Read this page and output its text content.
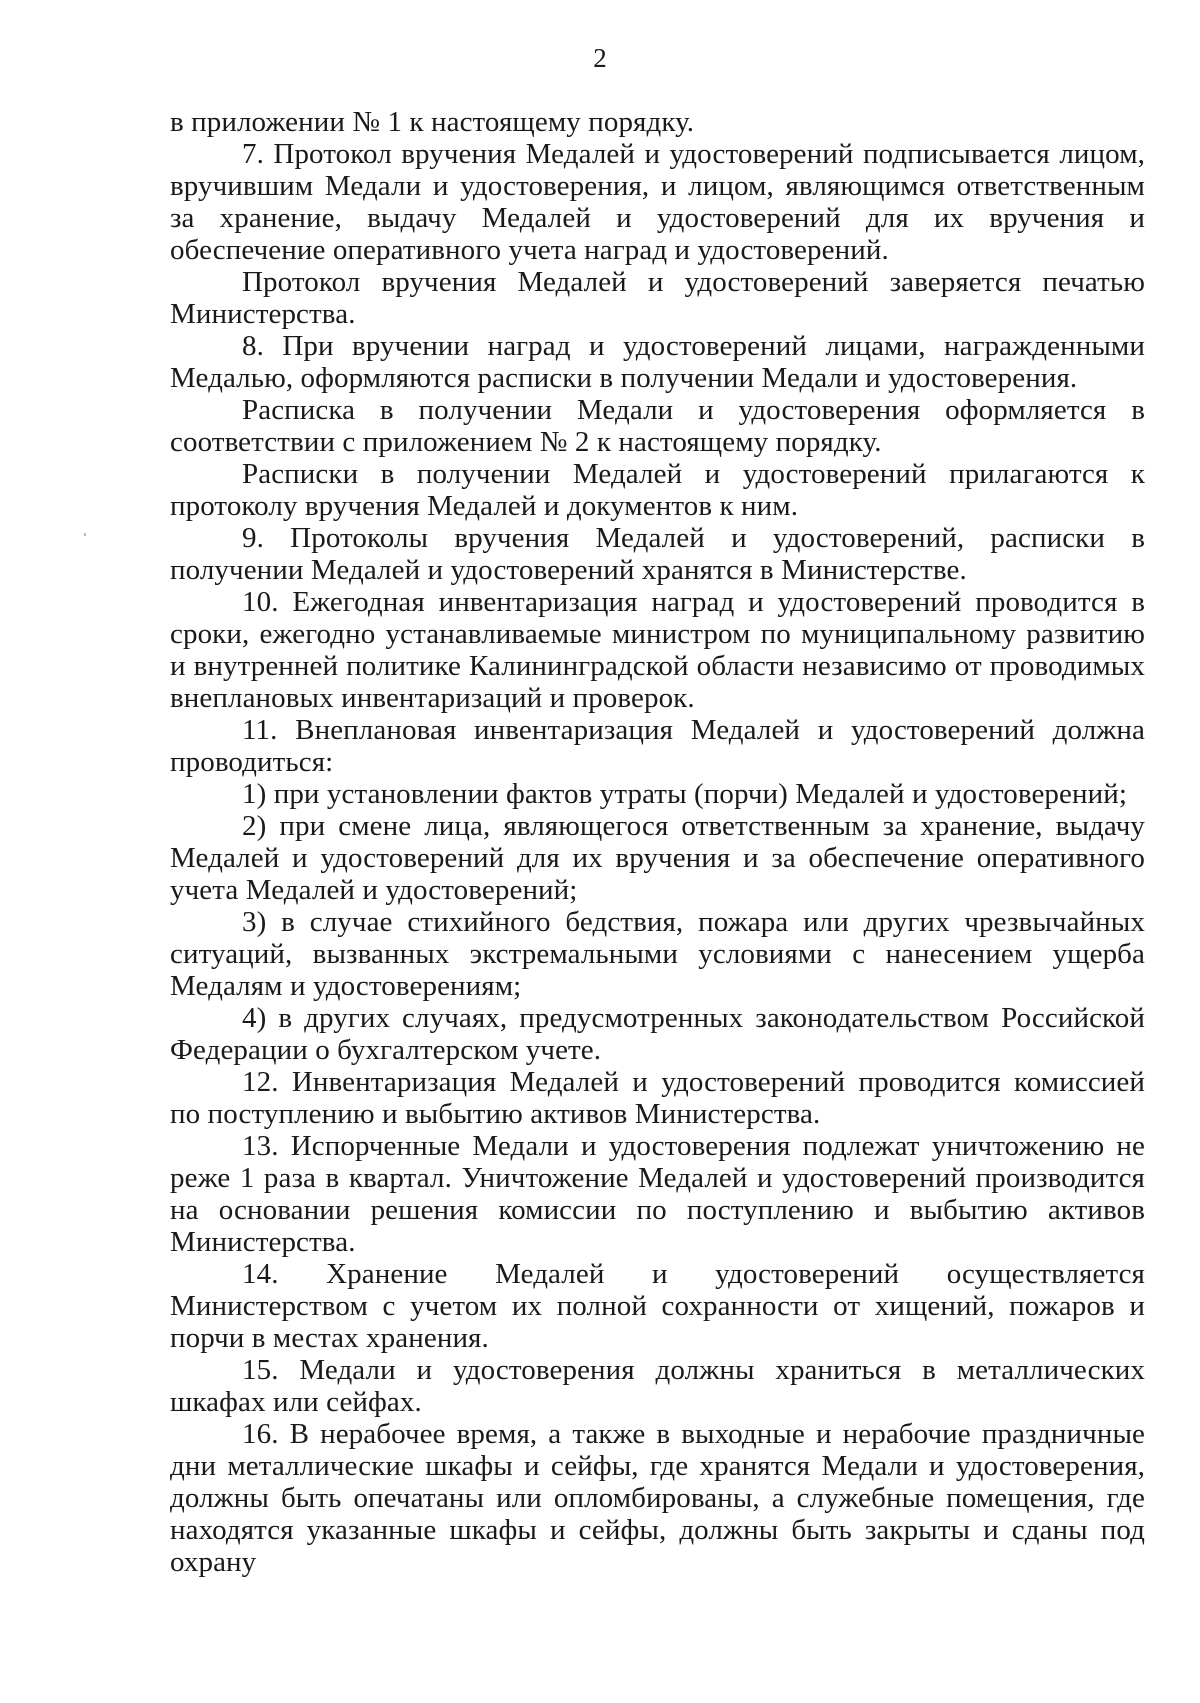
2

в приложении № 1 к настоящему порядку.

7. Протокол вручения Медалей и удостоверений подписывается лицом, вручившим Медали и удостоверения, и лицом, являющимся ответственным за хранение, выдачу Медалей и удостоверений для их вручения и обеспечение оперативного учета наград и удостоверений.

Протокол вручения Медалей и удостоверений заверяется печатью Министерства.

8. При вручении наград и удостоверений лицами, награжденными Медалью, оформляются расписки в получении Медали и удостоверения.

Расписка в получении Медали и удостоверения оформляется в соответствии с приложением № 2 к настоящему порядку.

Расписки в получении Медалей и удостоверений прилагаются к протоколу вручения Медалей и документов к ним.

9. Протоколы вручения Медалей и удостоверений, расписки в получении Медалей и удостоверений хранятся в Министерстве.

10. Ежегодная инвентаризация наград и удостоверений проводится в сроки, ежегодно устанавливаемые министром по муниципальному развитию и внутренней политике Калининградской области независимо от проводимых внеплановых инвентаризаций и проверок.

11. Внеплановая инвентаризация Медалей и удостоверений должна проводиться:

1) при установлении фактов утраты (порчи) Медалей и удостоверений;

2) при смене лица, являющегося ответственным за хранение, выдачу Медалей и удостоверений для их вручения и за обеспечение оперативного учета Медалей и удостоверений;

3) в случае стихийного бедствия, пожара или других чрезвычайных ситуаций, вызванных экстремальными условиями с нанесением ущерба Медалям и удостоверениям;

4) в других случаях, предусмотренных законодательством Российской Федерации о бухгалтерском учете.

12. Инвентаризация Медалей и удостоверений проводится комиссией по поступлению и выбытию активов Министерства.

13. Испорченные Медали и удостоверения подлежат уничтожению не реже 1 раза в квартал. Уничтожение Медалей и удостоверений производится на основании решения комиссии по поступлению и выбытию активов Министерства.

14. Хранение Медалей и удостоверений осуществляется Министерством с учетом их полной сохранности от хищений, пожаров и порчи в местах хранения.

15. Медали и удостоверения должны храниться в металлических шкафах или сейфах.

16. В нерабочее время, а также в выходные и нерабочие праздничные дни металлические шкафы и сейфы, где хранятся Медали и удостоверения, должны быть опечатаны или опломбированы, а служебные помещения, где находятся указанные шкафы и сейфы, должны быть закрыты и сданы под охрану
